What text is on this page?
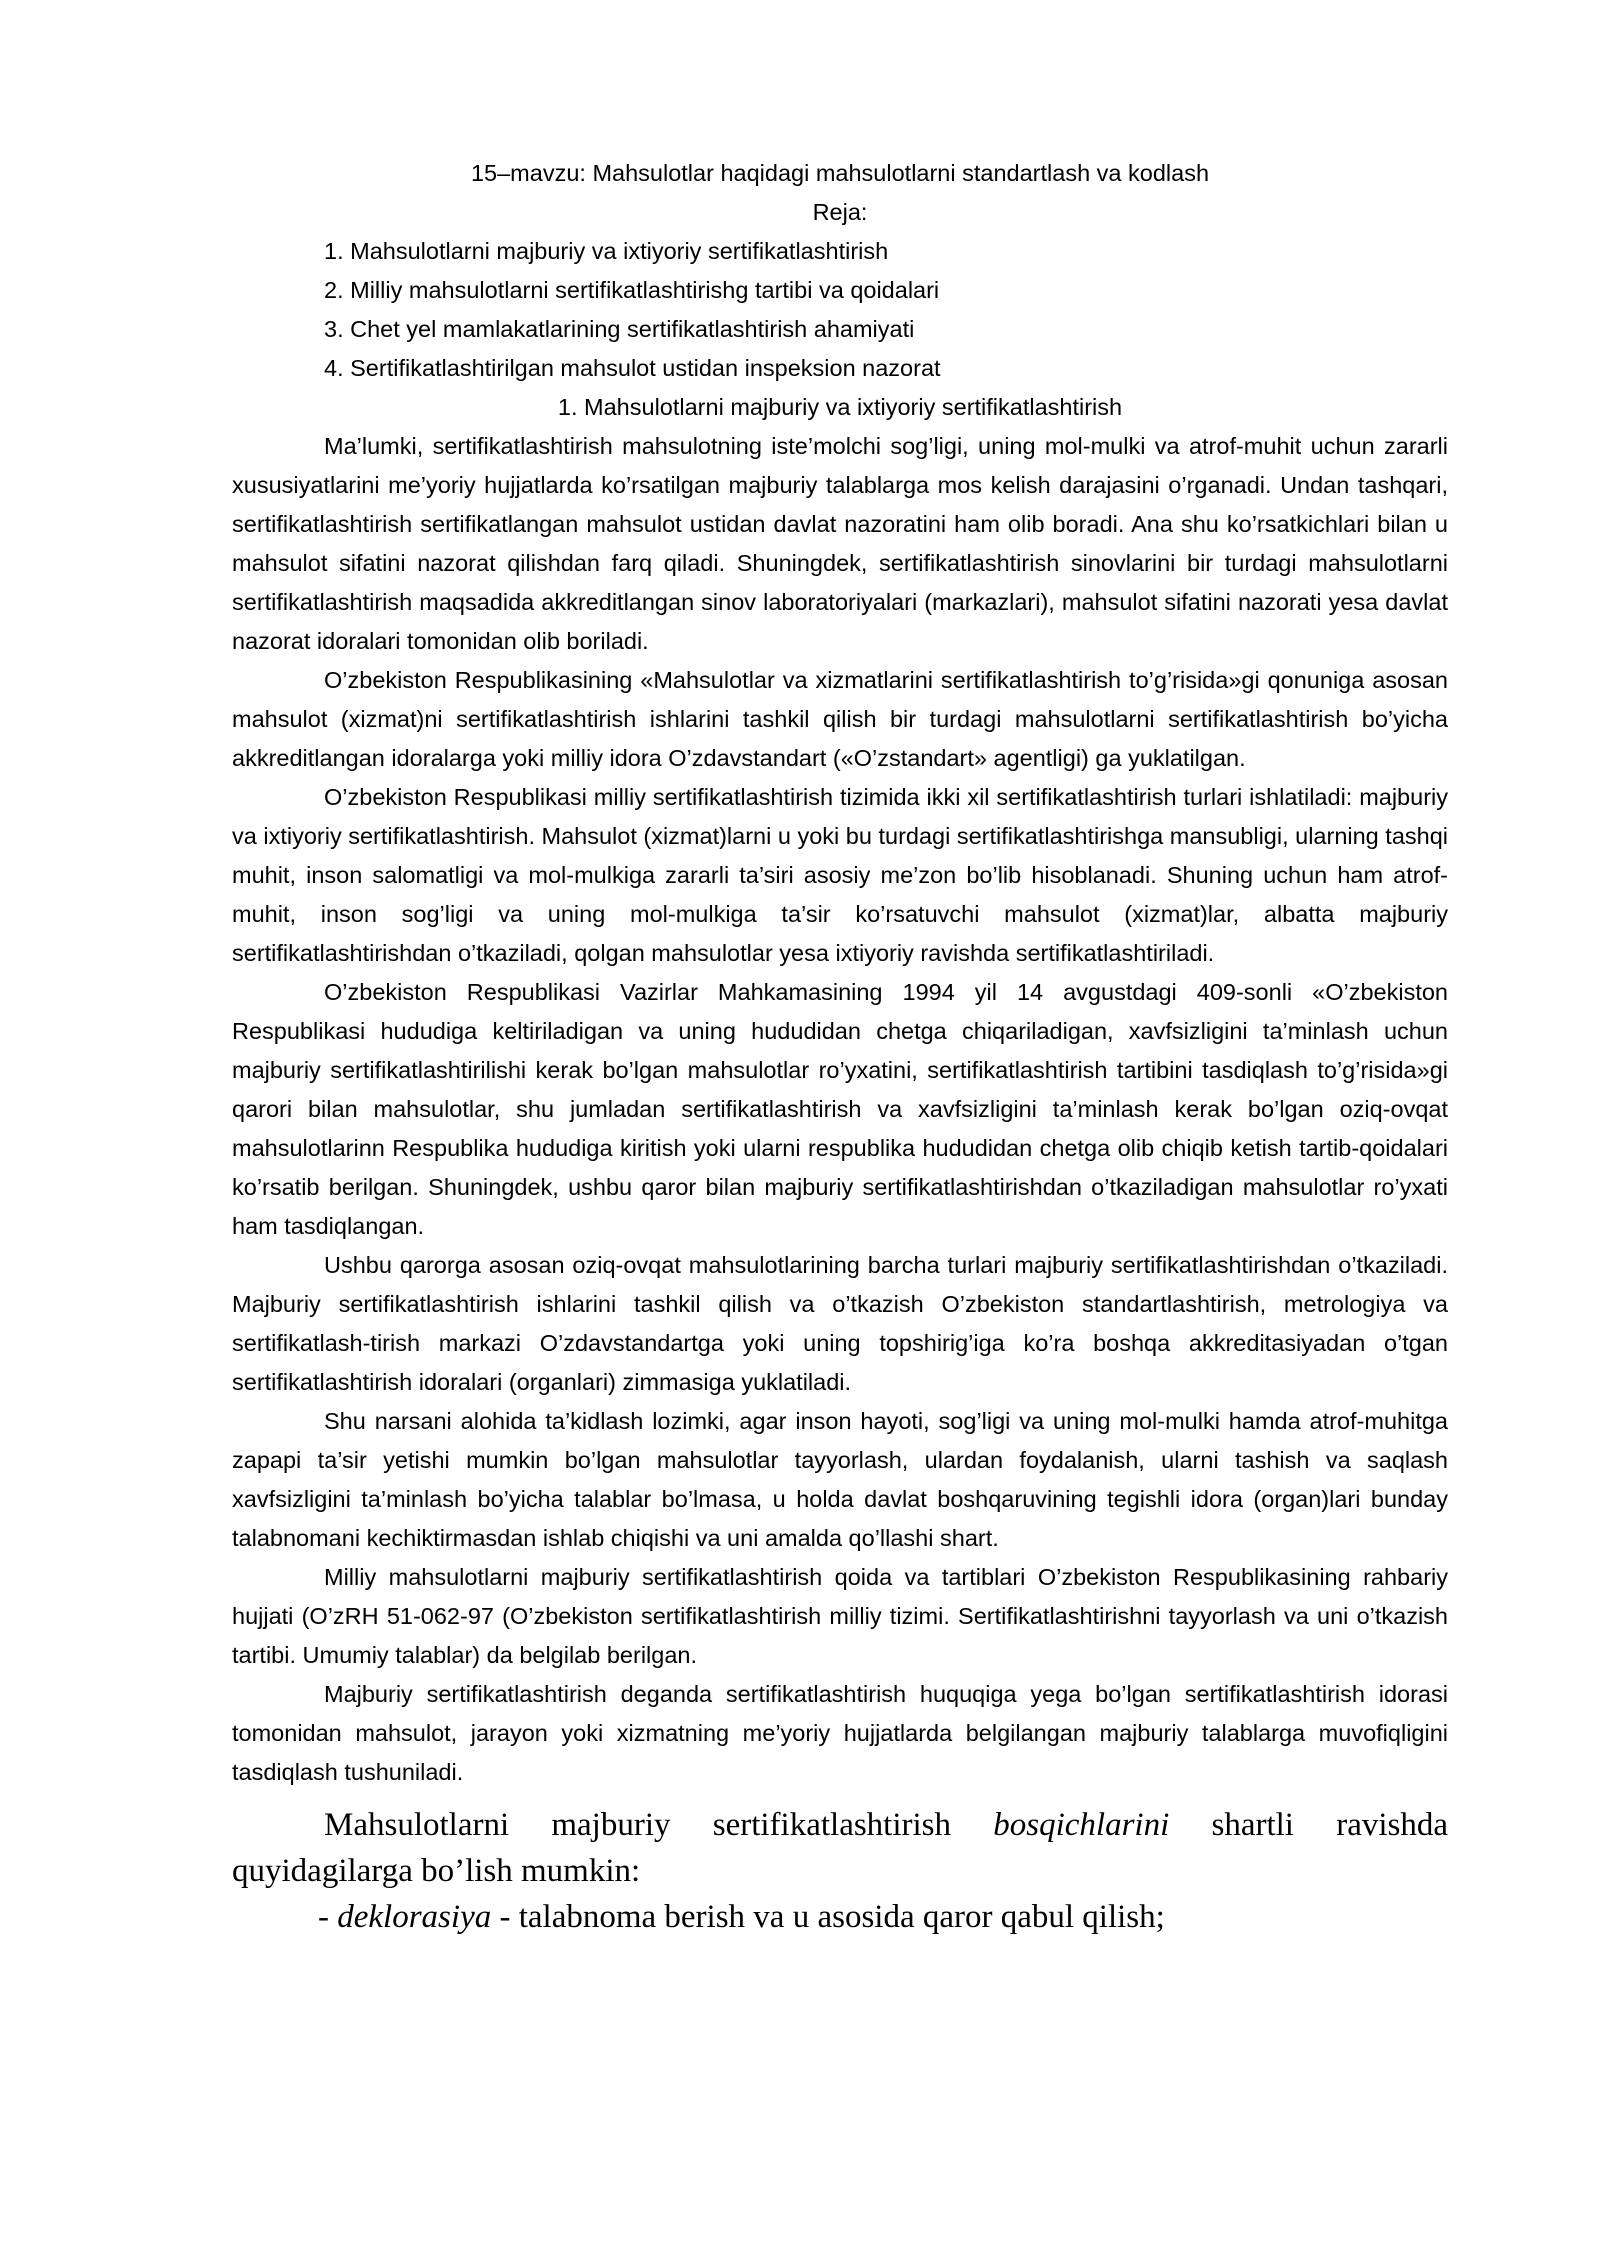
15–mavzu: Mahsulotlar haqidagi mahsulotlarni standartlash va kodlash

Reja:

1. Mahsulotlarni majburiy va ixtiyoriy sertifikatlashtirish
2. Milliy mahsulotlarni sertifikatlashtirishg tartibi va qoidalari
3. Chet yel mamlakatlarining sertifikatlashtirish ahamiyati
4. Sertifikatlashtirilgan mahsulot ustidan inspeksion nazorat

1. Mahsulotlarni majburiy va ixtiyoriy sertifikatlashtirish

Ma’lumki, sertifikatlashtirish mahsulotning iste’molchi sog’ligi, uning mol-mulki va atrof-muhit uchun zararli xususiyatlarini me’yoriy hujjatlarda ko’rsatilgan majburiy talablarga mos kelish darajasini o’rganadi. Undan tashqari, sertifikatlashtirish sertifikatlangan mahsulot ustidan davlat nazoratini ham olib boradi. Ana shu ko’rsatkichlari bilan u mahsulot sifatini nazorat qilishdan farq qiladi. Shuningdek, sertifikatlashtirish sinovlarini bir turdagi mahsulotlarni sertifikatlashtirish maqsadida akkreditlangan sinov laboratoriyalari (markazlari), mahsulot sifatini nazorati yesa davlat nazorat idoralari tomonidan olib boriladi.

O’zbekiston Respublikasining «Mahsulotlar va xizmatlarini sertifikatlashtirish to’g’risida»gi qonuniga asosan mahsulot (xizmat)ni sertifikatlashtirish ishlarini tashkil qilish bir turdagi mahsulotlarni sertifikatlashtirish bo’yicha akkreditlangan idoralarga yoki milliy idora O’zdavstandart («O’zstandart» agentligi) ga yuklatilgan.

O’zbekiston Respublikasi milliy sertifikatlashtirish tizimida ikki xil sertifikatlashtirish turlari ishlatiladi: majburiy va ixtiyoriy sertifikatlashtirish. Mahsulot (xizmat)larni u yoki bu turdagi sertifikatlashtirishga mansubligi, ularning tashqi muhit, inson salomatligi va mol-mulkiga zararli ta’siri asosiy me’zon bo’lib hisoblanadi. Shuning uchun ham atrof-muhit, inson sog’ligi va uning mol-mulkiga ta’sir ko’rsatuvchi mahsulot (xizmat)lar, albatta majburiy sertifikatlashtirishdan o’tkaziladi, qolgan mahsulotlar yesa ixtiyoriy ravishda sertifikatlashtiriladi.

O’zbekiston Respublikasi Vazirlar Mahkamasining 1994 yil 14 avgustdagi 409-sonli «O’zbekiston Respublikasi hududiga keltiriladigan va uning hududidan chetga chiqariladigan, xavfsizligini ta’minlash uchun majburiy sertifikatlashtirilishi kerak bo’lgan mahsulotlar ro’yxatini, sertifikatlashtirish tartibini tasdiqlash to’g’risida»gi qarori bilan mahsulotlar, shu jumladan sertifikatlashtirish va xavfsizligini ta’minlash kerak bo’lgan oziq-ovqat mahsulotlarinn Respublika hududiga kiritish yoki ularni respublika hududidan chetga olib chiqib ketish tartib-qoidalari ko’rsatib berilgan. Shuningdek, ushbu qaror bilan majburiy sertifikatlashtirishdan o’tkaziladigan mahsulotlar ro’yxati ham tasdiqlangan.

Ushbu qarorga asosan oziq-ovqat mahsulotlarining barcha turlari majburiy sertifikatlashtirishdan o’tkaziladi. Majburiy sertifikatlashtirish ishlarini tashkil qilish va o’tkazish O’zbekiston standartlashtirish, metrologiya va sertifikatlash-tirish markazi O’zdavstandartga yoki uning topshirig’iga ko’ra boshqa akkreditasiyadan o’tgan sertifikatlashtirish idoralari (organlari) zimmasiga yuklatiladi.

Shu narsani alohida ta’kidlash lozimki, agar inson hayoti, sog’ligi va uning mol-mulki hamda atrof-muhitga zapapi ta’sir yetishi mumkin bo’lgan mahsulotlar tayyorlash, ulardan foydalanish, ularni tashish va saqlash xavfsizligini ta’minlash bo’yicha talablar bo’lmasa, u holda davlat boshqaruvining tegishli idora (organ)lari bunday talabnomani kechiktirmasdan ishlab chiqishi va uni amalda qo’llashi shart.

Milliy mahsulotlarni majburiy sertifikatlashtirish qoida va tartiblari O’zbekiston Respublikasining rahbariy hujjati (O’zRH 51-062-97 (O’zbekiston sertifikatlashtirish milliy tizimi. Sertifikatlashtirishni tayyorlash va uni o’tkazish tartibi. Umumiy talablar) da belgilab berilgan.

Majburiy sertifikatlashtirish deganda sertifikatlashtirish huquqiga yega bo’lgan sertifikatlashtirish idorasi tomonidan mahsulot, jarayon yoki xizmatning me’yoriy hujjatlarda belgilangan majburiy talablarga muvofiqligini tasdiqlash tushuniladi.

Mahsulotlarni majburiy sertifikatlashtirish bosqichlarini shartli ravishda quyidagilarga bo’lish mumkin:

- deklorasiya - talabnoma berish va u asosida qaror qabul qilish;
